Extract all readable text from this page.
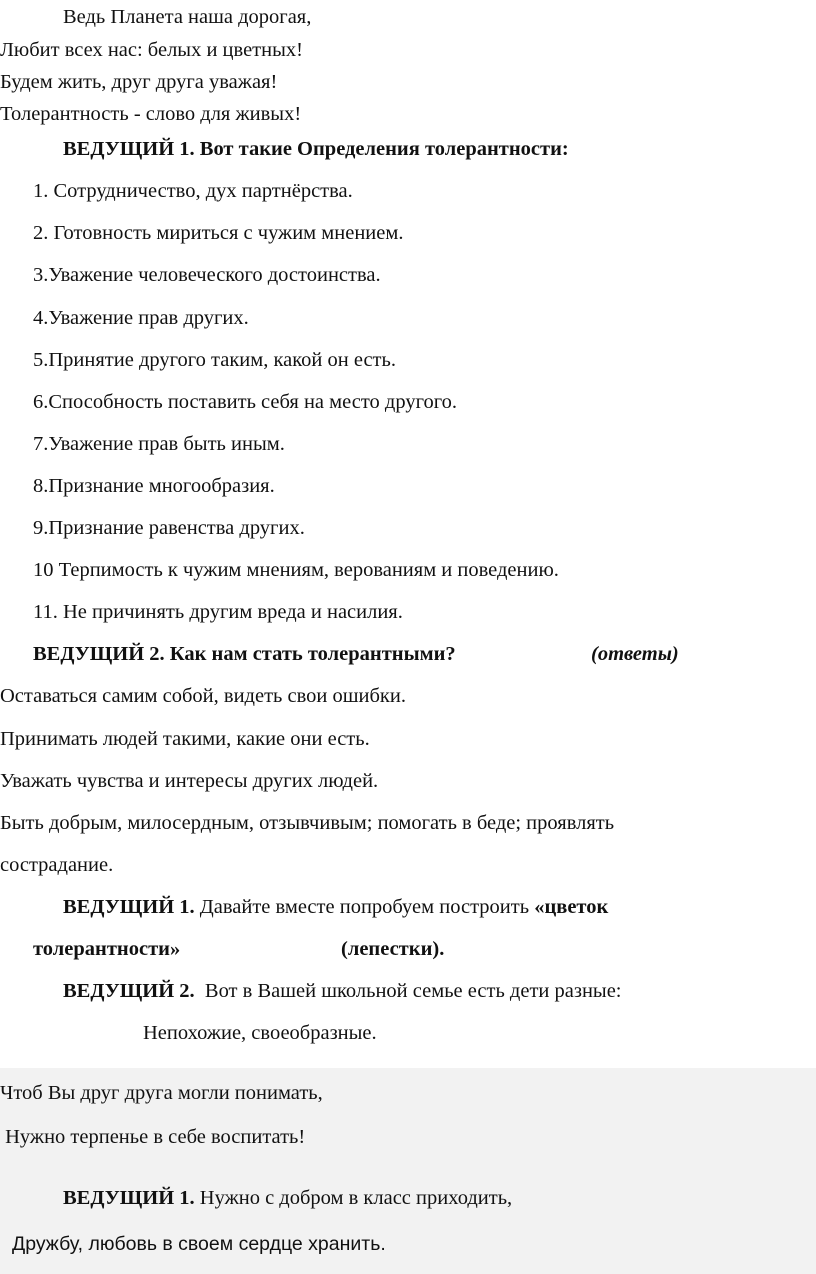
Ведь Планета наша дорогая,
Любит всех нас: белых и цветных!
Будем жить, друг друга уважая!
Толерантность - слово для живых!
ВЕДУЩИЙ 1. Вот такие Определения толерантности:
1. Сотрудничество, дух партнёрства.
2. Готовность мириться с чужим мнением.
3.Уважение человеческого достоинства.
4.Уважение прав других.
5.Принятие другого таким, какой он есть.
6.Способность поставить себя на место другого.
7.Уважение прав быть иным.
8.Признание многообразия.
9.Признание равенства других.
10 Терпимость к чужим мнениям, верованиям и поведению.
11. Не причинять другим вреда и насилия.
ВЕДУЩИЙ 2. Как нам стать толерантными?	(ответы)
Оставаться самим собой, видеть свои ошибки.
Принимать людей такими, какие они есть.
Уважать чувства и интересы других людей.
Быть добрым, милосердным, отзывчивым; помогать в беде; проявлять
сострадание.
ВЕДУЩИЙ 1. Давайте вместе попробуем построить «цветок
толерантности»	(лепестки).
ВЕДУЩИЙ 2.  Вот в Вашей школьной семье есть дети разные:
Непохожие, своеобразные.
Чтоб Вы друг друга могли понимать,
Нужно терпенье в себе воспитать!
ВЕДУЩИЙ 1. Нужно с добром в класс приходить,
Дружбу, любовь в своем сердце хранить.
